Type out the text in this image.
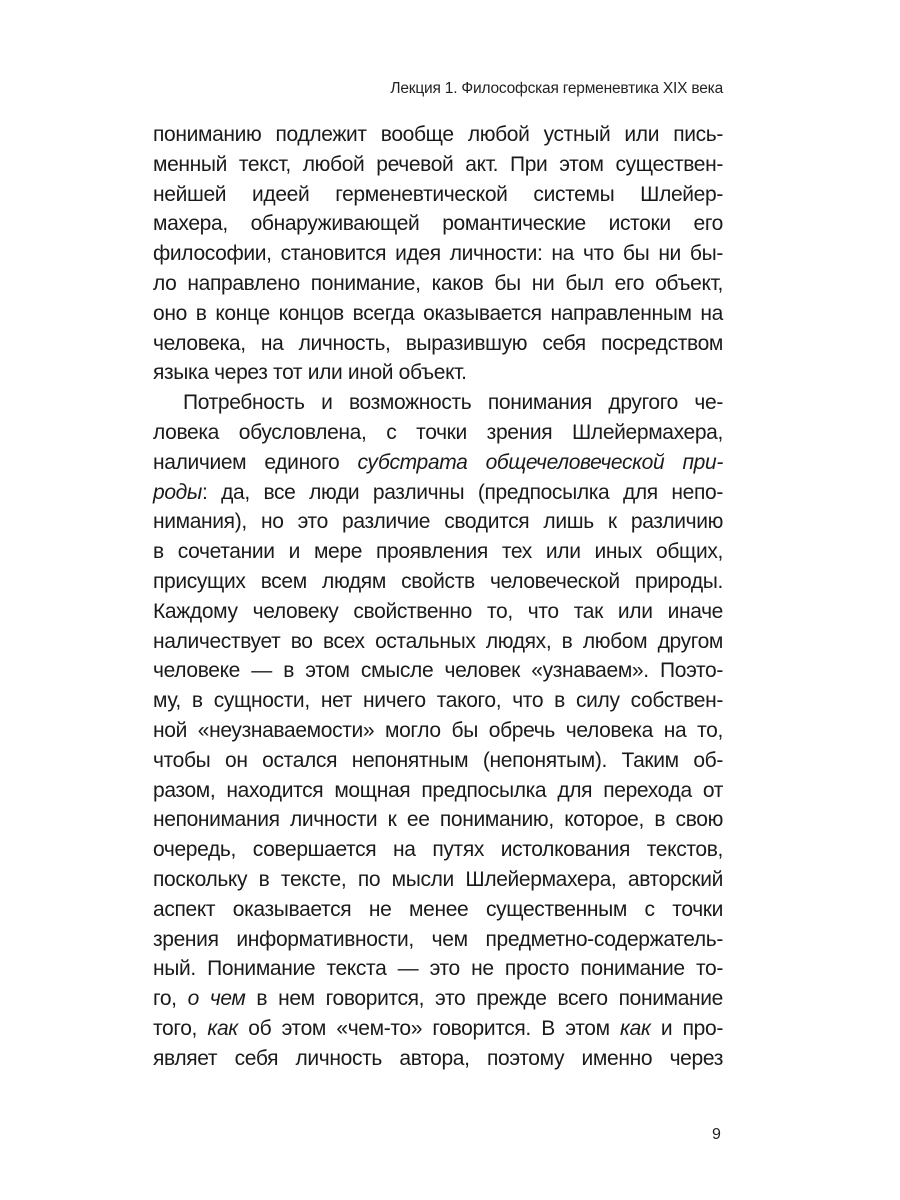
Лекция 1. Философская герменевтика XIX века
пониманию подлежит вообще любой устный или пись-
менный текст, любой речевой акт. При этом существен-
нейшей идеей герменевтической системы Шлейер-
махера, обнаруживающей романтические истоки его
философии, становится идея личности: на что бы ни бы-
ло направлено понимание, каков бы ни был его объект,
оно в конце концов всегда оказывается направленным на
человека, на личность, выразившую себя посредством
языка через тот или иной объект.
Потребность и возможность понимания другого че-
ловека обусловлена, с точки зрения Шлейермахера,
наличием единого субстрата общечеловеческой при-
роды: да, все люди различны (предпосылка для непо-
нимания), но это различие сводится лишь к различию
в сочетании и мере проявления тех или иных общих,
присущих всем людям свойств человеческой природы.
Каждому человеку свойственно то, что так или иначе
наличествует во всех остальных людях, в любом другом
человеке — в этом смысле человек «узнаваем». Поэто-
му, в сущности, нет ничего такого, что в силу собствен-
ной «неузнаваемости» могло бы обречь человека на то,
чтобы он остался непонятным (непонятым). Таким об-
разом, находится мощная предпосылка для перехода от
непонимания личности к ее пониманию, которое, в свою
очередь, совершается на путях истолкования текстов,
поскольку в тексте, по мысли Шлейермахера, авторский
аспект оказывается не менее существенным с точки
зрения информативности, чем предметно-содержатель-
ный. Понимание текста — это не просто понимание то-
го, о чем в нем говорится, это прежде всего понимание
того, как об этом «чем-то» говорится. В этом как и про-
являет себя личность автора, поэтому именно через
9
